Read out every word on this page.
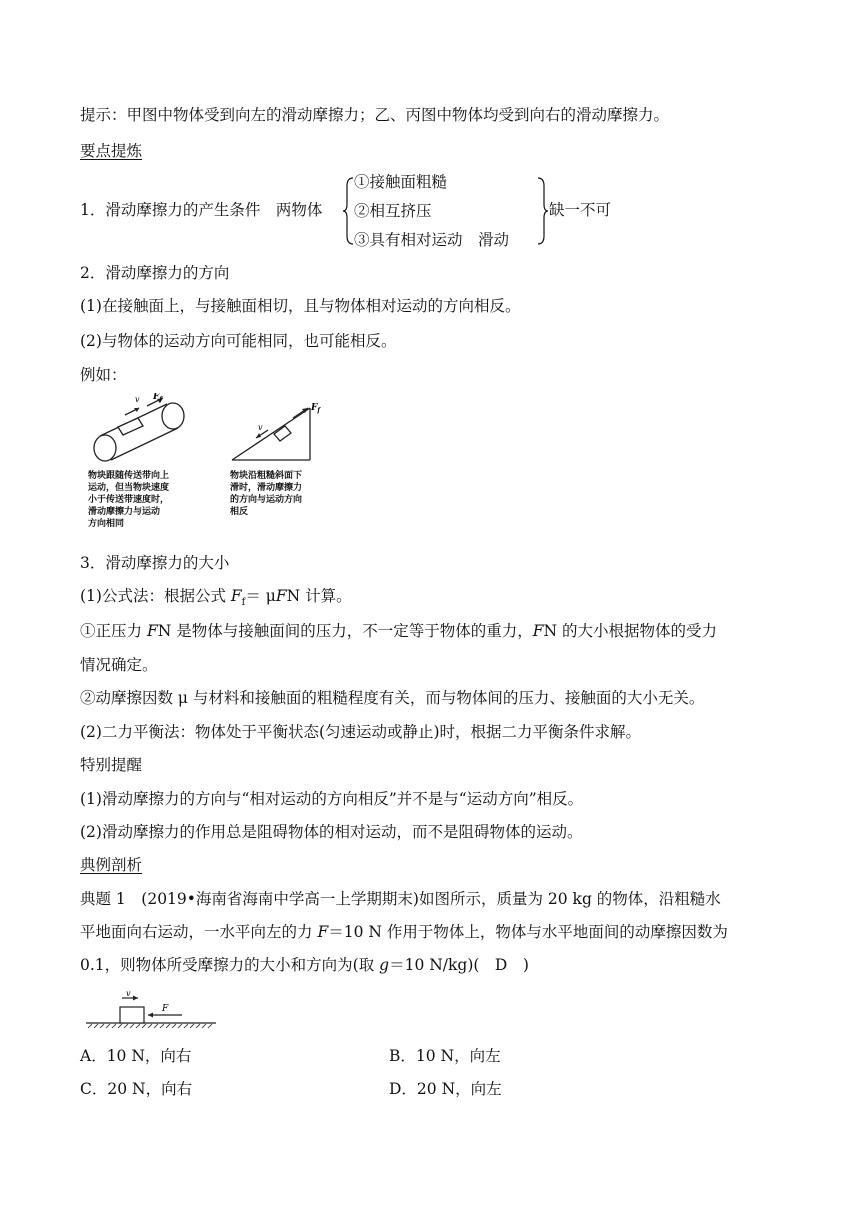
提示：甲图中物体受到向左的滑动摩擦力；乙、丙图中物体均受到向右的滑动摩擦力。
要点提炼
1．滑动摩擦力的产生条件　两物体
①接触面粗糙
②相互挤压
③具有相对运动　滑动
缺一不可
2．滑动摩擦力的方向
(1)在接触面上，与接触面相切，且与物体相对运动的方向相反。
(2)与物体的运动方向可能相同，也可能相反。
例如：
v $F_f$
物块跟随传送带向上
运动，但当物块速度
小于传送带速度时，
滑动摩擦力与运动
方向相同
v
$F_f$
物块沿粗糙斜面下
滑时，滑动摩擦力
的方向与运动方向
相反
3．滑动摩擦力的大小
(1)公式法：根据公式 $F_f= \mu FN$ 计算。
①正压力 FN 是物体与接触面间的压力，不一定等于物体的重力，FN 的大小根据物体的受力
情况确定。
②动摩擦因数 μ 与材料和接触面的粗糙程度有关，而与物体间的压力、接触面的大小无关。
(2)二力平衡法：物体处于平衡状态(匀速运动或静止)时，根据二力平衡条件求解。
特别提醒
(1)滑动摩擦力的方向与“相对运动的方向相反”并不是与“运动方向”相反。
(2)滑动摩擦力的作用总是阻碍物体的相对运动，而不是阻碍物体的运动。
典例剖析
典题 1　(2019•海南省海南中学高一上学期期末)如图所示，质量为 20 kg 的物体，沿粗糙水
平地面向右运动，一水平向左的力 F＝10 N 作用于物体上，物体与水平地面间的动摩擦因数为
0.1，则物体所受摩擦力的大小和方向为(取 g＝10 N/kg)(　D　)
v
F
A．10 N，向右	B．10 N，向左
C．20 N，向右	D．20 N，向左
